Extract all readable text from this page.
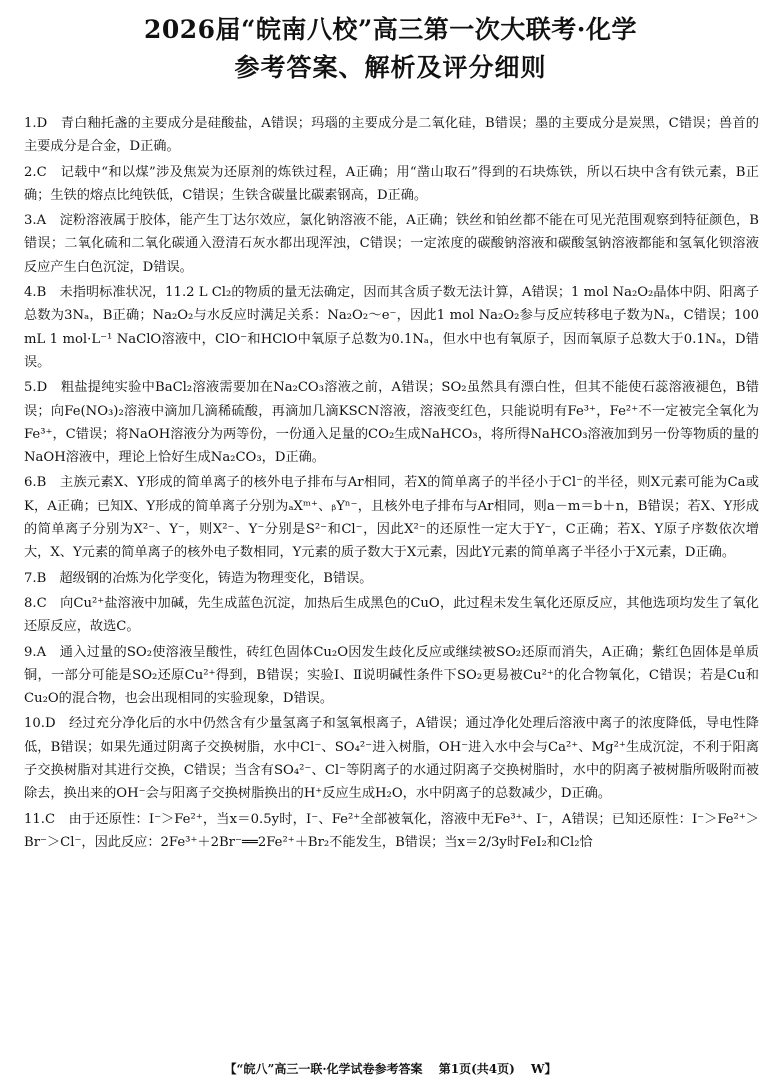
2026届“皖南八校”高三第一次大联考·化学
参考答案、解析及评分细则

1.D　青白釉托盏的主要成分是硅酸盐，A错误；玛瑙的主要成分是二氧化硅，B错误；墨的主要成分是炭黑，C错误；兽首的主要成分是合金，D正确。

2.C　记载中“和以煤”涉及焦炭为还原剂的炼铁过程，A正确；用“凿山取石”得到的石块炼铁，所以石块中含有铁元素，B正确；生铁的熔点比纯铁低，C错误；生铁含碳量比碳素钢高，D正确。

3.A　淀粉溶液属于胶体，能产生丁达尔效应，氯化钠溶液不能，A正确；铁丝和铂丝都不能在可见光范围观察到特征颜色，B错误；二氧化硫和二氧化碳通入澄清石灰水都出现浑浊，C错误；一定浓度的碳酸钠溶液和碳酸氢钠溶液都能和氢氧化钡溶液反应产生白色沉淀，D错误。

4.B　未指明标准状况，11.2 L Cl₂的物质的量无法确定，因而其含质子数无法计算，A错误；1 mol Na₂O₂晶体中阴、阳离子总数为3Nₐ，B正确；Na₂O₂与水反应时满足关系：Na₂O₂～e⁻，因此1 mol Na₂O₂参与反应转移电子数为Nₐ，C错误；100 mL 1 mol·L⁻¹ NaClO溶液中，ClO⁻和HClO中氧原子总数为0.1Nₐ，但水中也有氧原子，因而氧原子总数大于0.1Nₐ，D错误。

5.D　粗盐提纯实验中BaCl₂溶液需要加在Na₂CO₃溶液之前，A错误；SO₂虽然具有漂白性，但其不能使石蕊溶液褪色，B错误；向Fe(NO₃)₂溶液中滴加几滴稀硫酸，再滴加几滴KSCN溶液，溶液变红色，只能说明有Fe³⁺，Fe²⁺不一定被完全氧化为Fe³⁺，C错误；将NaOH溶液分为两等份，一份通入足量的CO₂生成NaHCO₃，将所得NaHCO₃溶液加到另一份等物质的量的NaOH溶液中，理论上恰好生成Na₂CO₃，D正确。

6.B　主族元素X、Y形成的简单离子的核外电子排布与Ar相同，若X的简单离子的半径小于Cl⁻的半径，则X元素可能为Ca或K，A正确；已知X、Y形成的简单离子分别为ₐXᵐ⁺、ᵦYⁿ⁻，且核外电子排布与Ar相同，则a－m＝b＋n，B错误；若X、Y形成的简单离子分别为X²⁻、Y⁻，则X²⁻、Y⁻分别是S²⁻和Cl⁻，因此X²⁻的还原性一定大于Y⁻，C正确；若X、Y原子序数依次增大，X、Y元素的简单离子的核外电子数相同，Y元素的质子数大于X元素，因此Y元素的简单离子半径小于X元素，D正确。

7.B　超级钢的冶炼为化学变化，铸造为物理变化，B错误。

8.C　向Cu²⁺盐溶液中加碱，先生成蓝色沉淀，加热后生成黑色的CuO，此过程未发生氧化还原反应，其他选项均发生了氧化还原反应，故选C。

9.A　通入过量的SO₂使溶液呈酸性，砖红色固体Cu₂O因发生歧化反应或继续被SO₂还原而消失，A正确；紫红色固体是单质铜，一部分可能是SO₂还原Cu²⁺得到，B错误；实验Ⅰ、Ⅱ说明碱性条件下SO₂更易被Cu²⁺的化合物氧化，C错误；若是Cu和Cu₂O的混合物，也会出现相同的实验现象，D错误。

10.D　经过充分净化后的水中仍然含有少量氢离子和氢氧根离子，A错误；通过净化处理后溶液中离子的浓度降低，导电性降低，B错误；如果先通过阴离子交换树脂，水中Cl⁻、SO₄²⁻进入树脂，OH⁻进入水中会与Ca²⁺、Mg²⁺生成沉淀，不利于阳离子交换树脂对其进行交换，C错误；当含有SO₄²⁻、Cl⁻等阴离子的水通过阴离子交换树脂时，水中的阴离子被树脂所吸附而被除去，换出来的OH⁻会与阳离子交换树脂换出的H⁺反应生成H₂O，水中阴离子的总数减少，D正确。

11.C　由于还原性：I⁻＞Fe²⁺，当x＝0.5y时，I⁻、Fe²⁺全部被氧化，溶液中无Fe³⁺、I⁻，A错误；已知还原性：I⁻＞Fe²⁺＞Br⁻＞Cl⁻，因此反应：2Fe³⁺＋2Br⁻══2Fe²⁺＋Br₂不能发生，B错误；当x＝2/3y时FeI₂和Cl₂恰

【“皖八”高三一联·化学试卷参考答案 第1页(共4页) W】
